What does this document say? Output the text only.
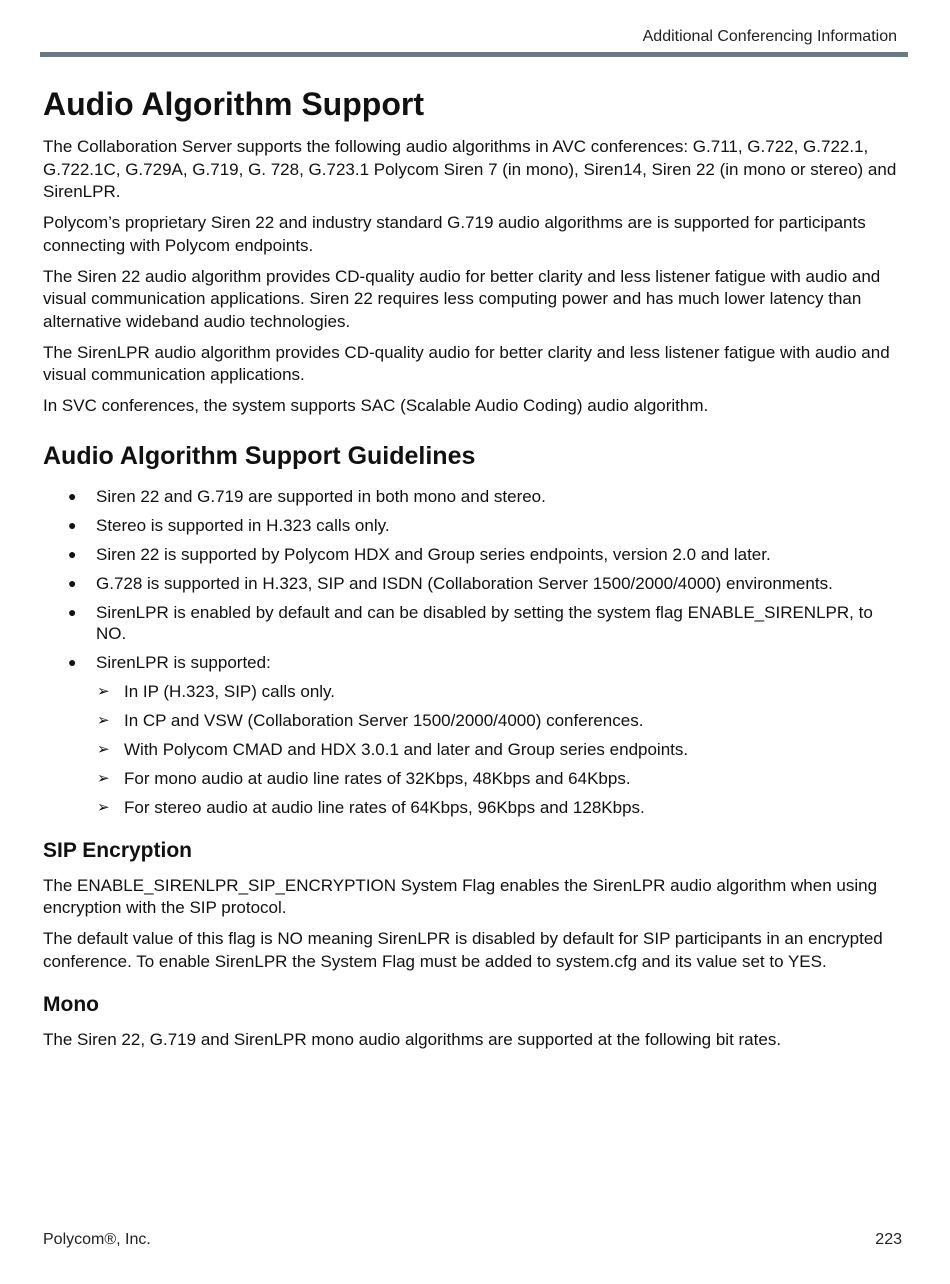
Additional Conferencing Information
Audio Algorithm Support

The Collaboration Server supports the following audio algorithms in AVC conferences: G.711, G.722, G.722.1, G.722.1C, G.729A, G.719, G. 728, G.723.1 Polycom Siren 7 (in mono), Siren14, Siren 22 (in mono or stereo) and SirenLPR.

Polycom’s proprietary Siren 22 and industry standard G.719 audio algorithms are is supported for participants connecting with Polycom endpoints.

The Siren 22 audio algorithm provides CD-quality audio for better clarity and less listener fatigue with audio and visual communication applications. Siren 22 requires less computing power and has much lower latency than alternative wideband audio technologies.

The SirenLPR audio algorithm provides CD-quality audio for better clarity and less listener fatigue with audio and visual communication applications.

In SVC conferences, the system supports SAC (Scalable Audio Coding) audio algorithm.

Audio Algorithm Support Guidelines
● Siren 22 and G.719 are supported in both mono and stereo.
● Stereo is supported in H.323 calls only.
● Siren 22 is supported by Polycom HDX and Group series endpoints, version 2.0 and later.
● G.728 is supported in H.323, SIP and ISDN (Collaboration Server 1500/2000/4000) environments.
● SirenLPR is enabled by default and can be disabled by setting the system flag ENABLE_SIRENLPR, to NO.
● SirenLPR is supported:
➢ In IP (H.323, SIP) calls only.
➢ In CP and VSW (Collaboration Server 1500/2000/4000) conferences.
➢ With Polycom CMAD and HDX 3.0.1 and later and Group series endpoints.
➢ For mono audio at audio line rates of 32Kbps, 48Kbps and 64Kbps.
➢ For stereo audio at audio line rates of 64Kbps, 96Kbps and 128Kbps.
SIP Encryption

The ENABLE_SIRENLPR_SIP_ENCRYPTION System Flag enables the SirenLPR audio algorithm when using encryption with the SIP protocol.

The default value of this flag is NO meaning SirenLPR is disabled by default for SIP participants in an encrypted conference. To enable SirenLPR the System Flag must be added to system.cfg and its value set to YES.

Mono

The Siren 22, G.719 and SirenLPR mono audio algorithms are supported at the following bit rates.

Polycom®, Inc.	223
